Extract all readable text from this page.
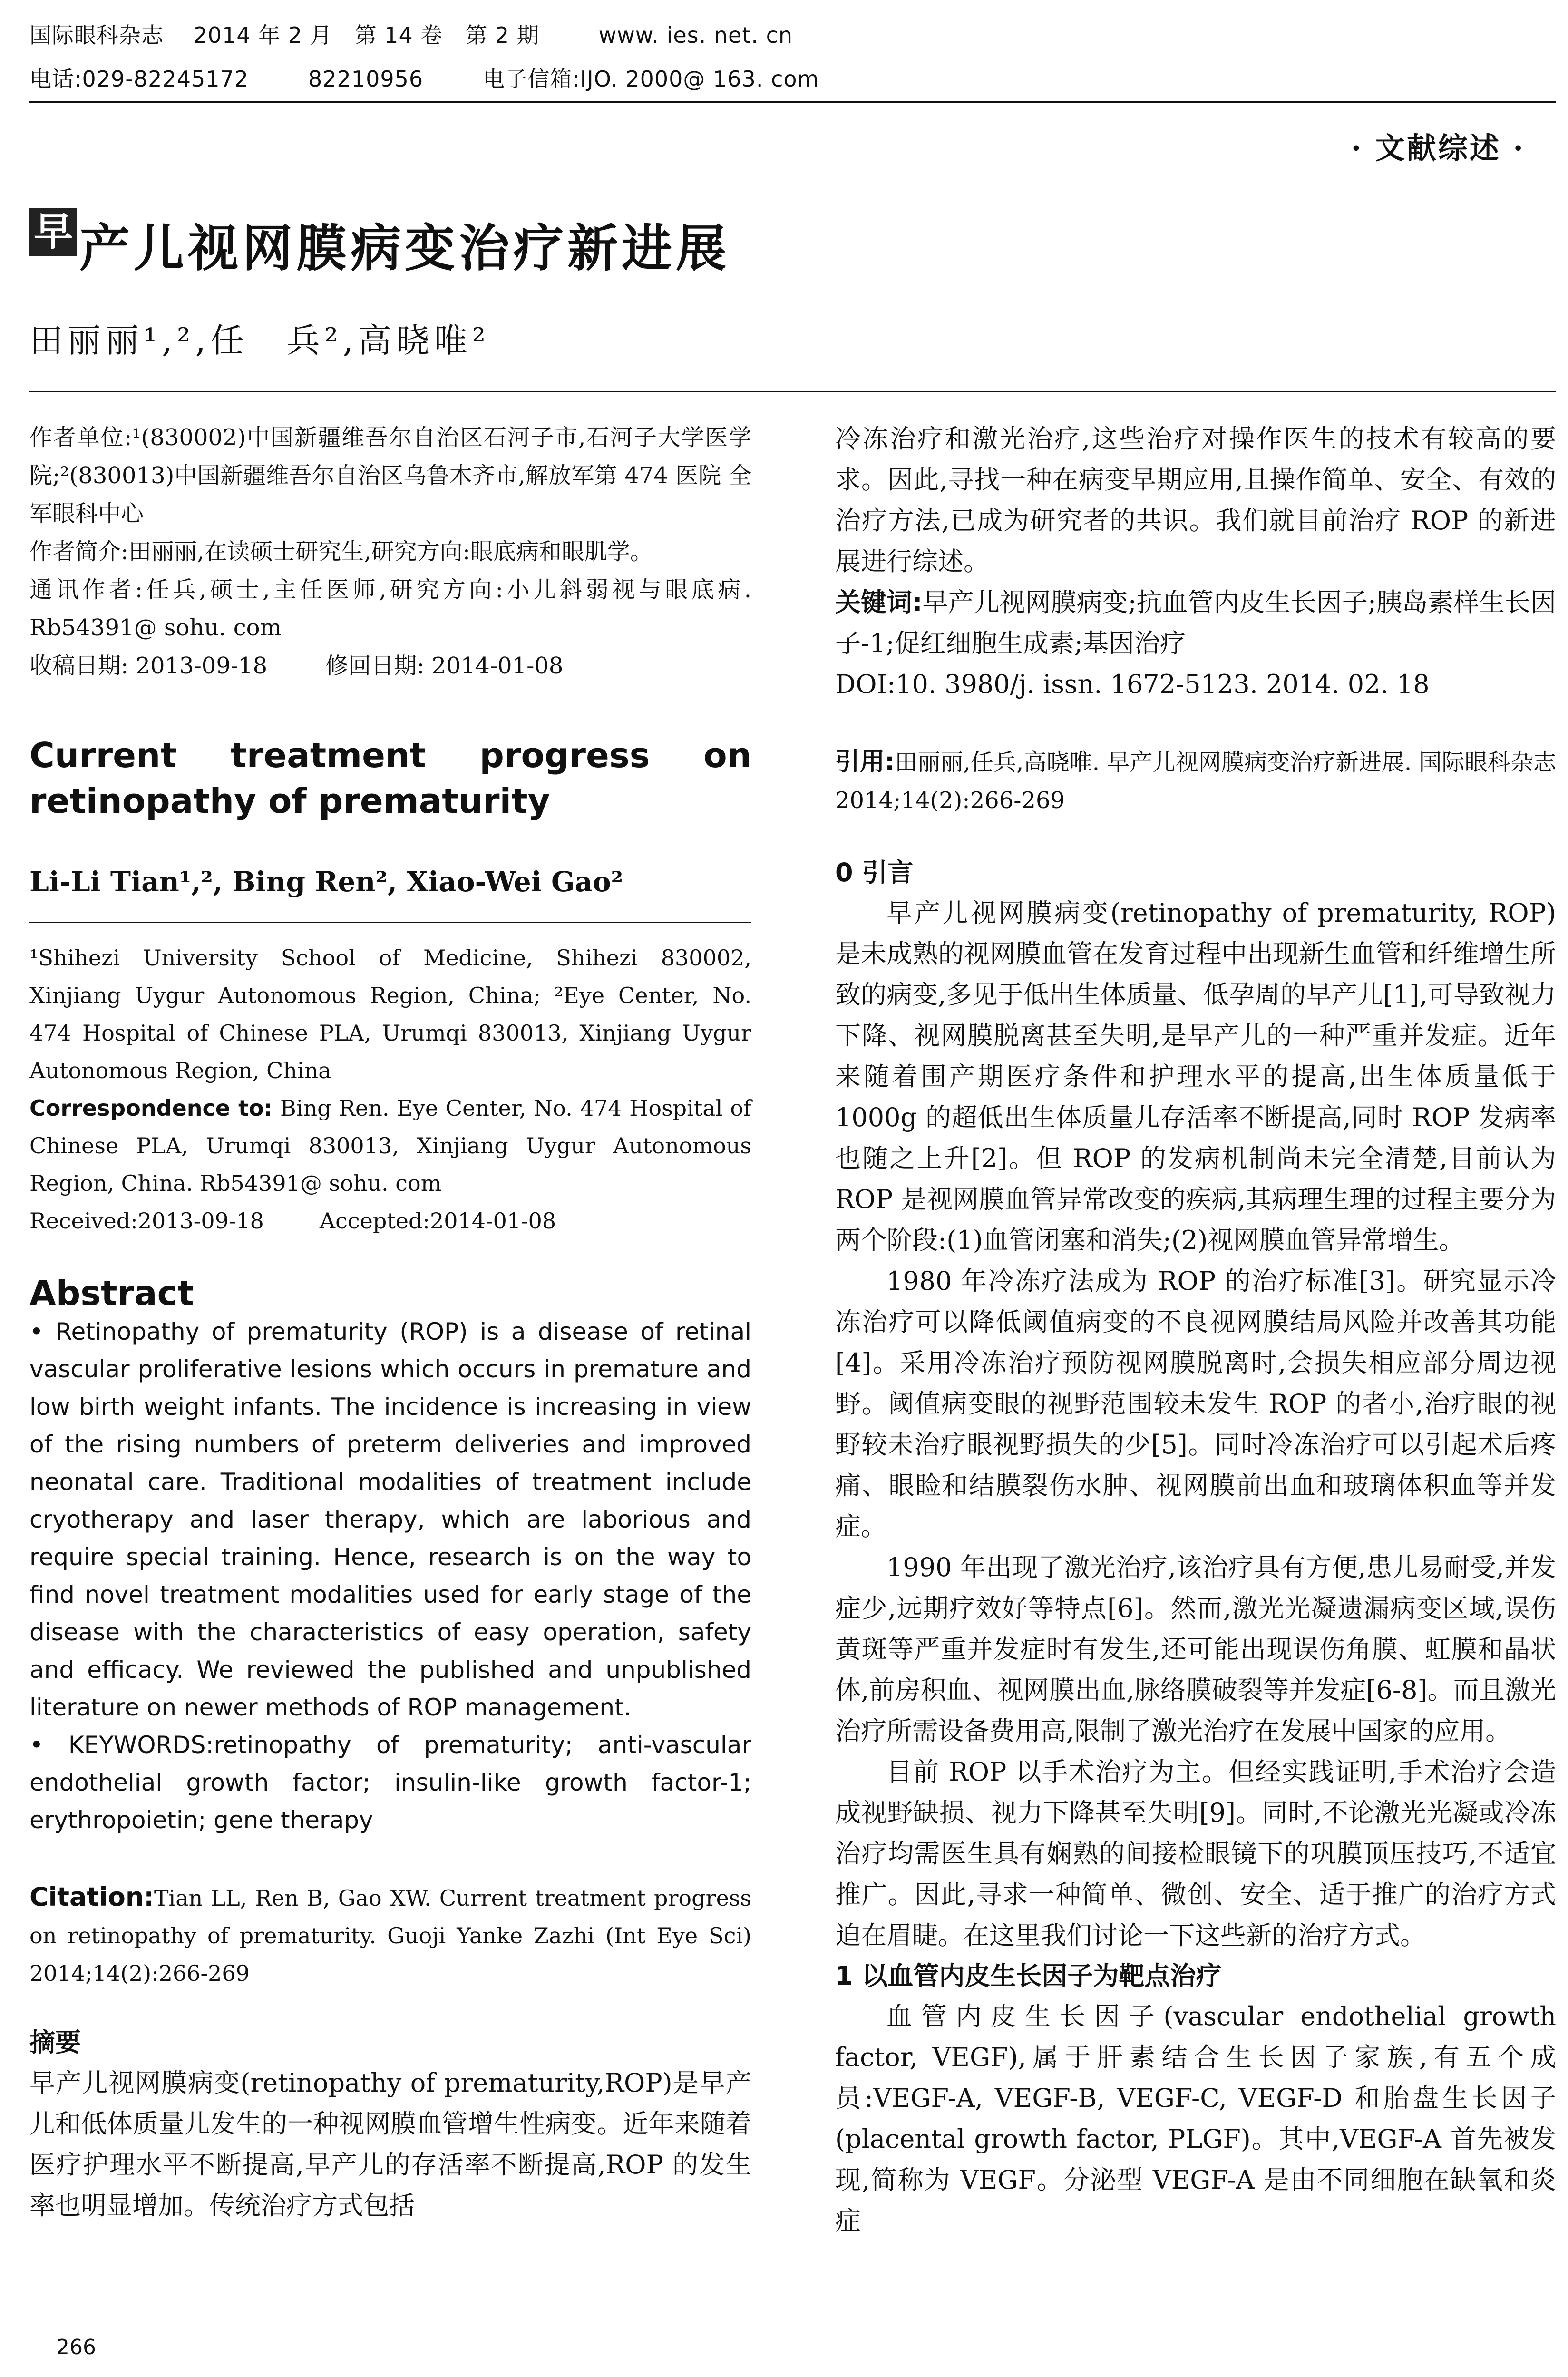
国际眼科杂志    2014 年 2 月   第 14 卷   第 2 期        www. ies. net. cn
电话:029-82245172        82210956        电子信箱:IJO. 2000@ 163. com
· 文献综述 ·
早 产儿视网膜病变治疗新进展
田丽丽¹,²,任　兵²,高晓唯²

作者单位:¹(830002)中国新疆维吾尔自治区石河子市,石河子大学医学院;²(830013)中国新疆维吾尔自治区乌鲁木齐市,解放军第 474 医院 全军眼科中心

作者简介:田丽丽,在读硕士研究生,研究方向:眼底病和眼肌学。

通讯作者:任兵,硕士,主任医师,研究方向:小儿斜弱视与眼底病. Rb54391@ sohu. com

收稿日期: 2013-09-18        修回日期: 2014-01-08

Current treatment progress on
retinopathy of prematurity
Li-Li Tian¹,², Bing Ren², Xiao-Wei Gao²
¹Shihezi University School of Medicine, Shihezi 830002, Xinjiang Uygur Autonomous Region, China; ²Eye Center, No. 474 Hospital of Chinese PLA, Urumqi 830013, Xinjiang Uygur Autonomous Region, China
Correspondence to: Bing Ren. Eye Center, No. 474 Hospital of Chinese PLA, Urumqi 830013, Xinjiang Uygur Autonomous Region, China. Rb54391@ sohu. com
Received:2013-09-18        Accepted:2014-01-08
Abstract
• Retinopathy of prematurity (ROP) is a disease of retinal vascular proliferative lesions which occurs in premature and low birth weight infants. The incidence is increasing in view of the rising numbers of preterm deliveries and improved neonatal care. Traditional modalities of treatment include cryotherapy and laser therapy, which are laborious and require special training. Hence, research is on the way to find novel treatment modalities used for early stage of the disease with the characteristics of easy operation, safety and efficacy. We reviewed the published and unpublished literature on newer methods of ROP management.
• KEYWORDS:retinopathy of prematurity; anti-vascular endothelial growth factor; insulin-like growth factor-1; erythropoietin; gene therapy
Citation:Tian LL, Ren B, Gao XW. Current treatment progress on retinopathy of prematurity. Guoji Yanke Zazhi (Int Eye Sci) 2014;14(2):266-269
摘要

早产儿视网膜病变(retinopathy of prematurity,ROP)是早产儿和低体质量儿发生的一种视网膜血管增生性病变。近年来随着医疗护理水平不断提高,早产儿的存活率不断提高,ROP 的发生率也明显增加。传统治疗方式包括

266

冷冻治疗和激光治疗,这些治疗对操作医生的技术有较高的要求。因此,寻找一种在病变早期应用,且操作简单、安全、有效的治疗方法,已成为研究者的共识。我们就目前治疗 ROP 的新进展进行综述。

关键词:早产儿视网膜病变;抗血管内皮生长因子;胰岛素样生长因子-1;促红细胞生成素;基因治疗

DOI:10. 3980/j. issn. 1672-5123. 2014. 02. 18

引用:田丽丽,任兵,高晓唯. 早产儿视网膜病变治疗新进展. 国际眼科杂志 2014;14(2):266-269

0 引言

早产儿视网膜病变(retinopathy of prematurity, ROP)是未成熟的视网膜血管在发育过程中出现新生血管和纤维增生所致的病变,多见于低出生体质量、低孕周的早产儿[1],可导致视力下降、视网膜脱离甚至失明,是早产儿的一种严重并发症。近年来随着围产期医疗条件和护理水平的提高,出生体质量低于 1000g 的超低出生体质量儿存活率不断提高,同时 ROP 发病率也随之上升[2]。但 ROP 的发病机制尚未完全清楚,目前认为 ROP 是视网膜血管异常改变的疾病,其病理生理的过程主要分为两个阶段:(1)血管闭塞和消失;(2)视网膜血管异常增生。

1980 年冷冻疗法成为 ROP 的治疗标准[3]。研究显示冷冻治疗可以降低阈值病变的不良视网膜结局风险并改善其功能[4]。采用冷冻治疗预防视网膜脱离时,会损失相应部分周边视野。阈值病变眼的视野范围较未发生 ROP 的者小,治疗眼的视野较未治疗眼视野损失的少[5]。同时冷冻治疗可以引起术后疼痛、眼睑和结膜裂伤水肿、视网膜前出血和玻璃体积血等并发症。

1990 年出现了激光治疗,该治疗具有方便,患儿易耐受,并发症少,远期疗效好等特点[6]。然而,激光光凝遗漏病变区域,误伤黄斑等严重并发症时有发生,还可能出现误伤角膜、虹膜和晶状体,前房积血、视网膜出血,脉络膜破裂等并发症[6-8]。而且激光治疗所需设备费用高,限制了激光治疗在发展中国家的应用。

目前 ROP 以手术治疗为主。但经实践证明,手术治疗会造成视野缺损、视力下降甚至失明[9]。同时,不论激光光凝或冷冻治疗均需医生具有娴熟的间接检眼镜下的巩膜顶压技巧,不适宜推广。因此,寻求一种简单、微创、安全、适于推广的治疗方式迫在眉睫。在这里我们讨论一下这些新的治疗方式。

1 以血管内皮生长因子为靶点治疗

血管内皮生长因子(vascular endothelial growth factor, VEGF),属于肝素结合生长因子家族,有五个成员:VEGF-A, VEGF-B, VEGF-C, VEGF-D 和胎盘生长因子(placental growth factor, PLGF)。其中,VEGF-A 首先被发现,简称为 VEGF。分泌型 VEGF-A 是由不同细胞在缺氧和炎症
